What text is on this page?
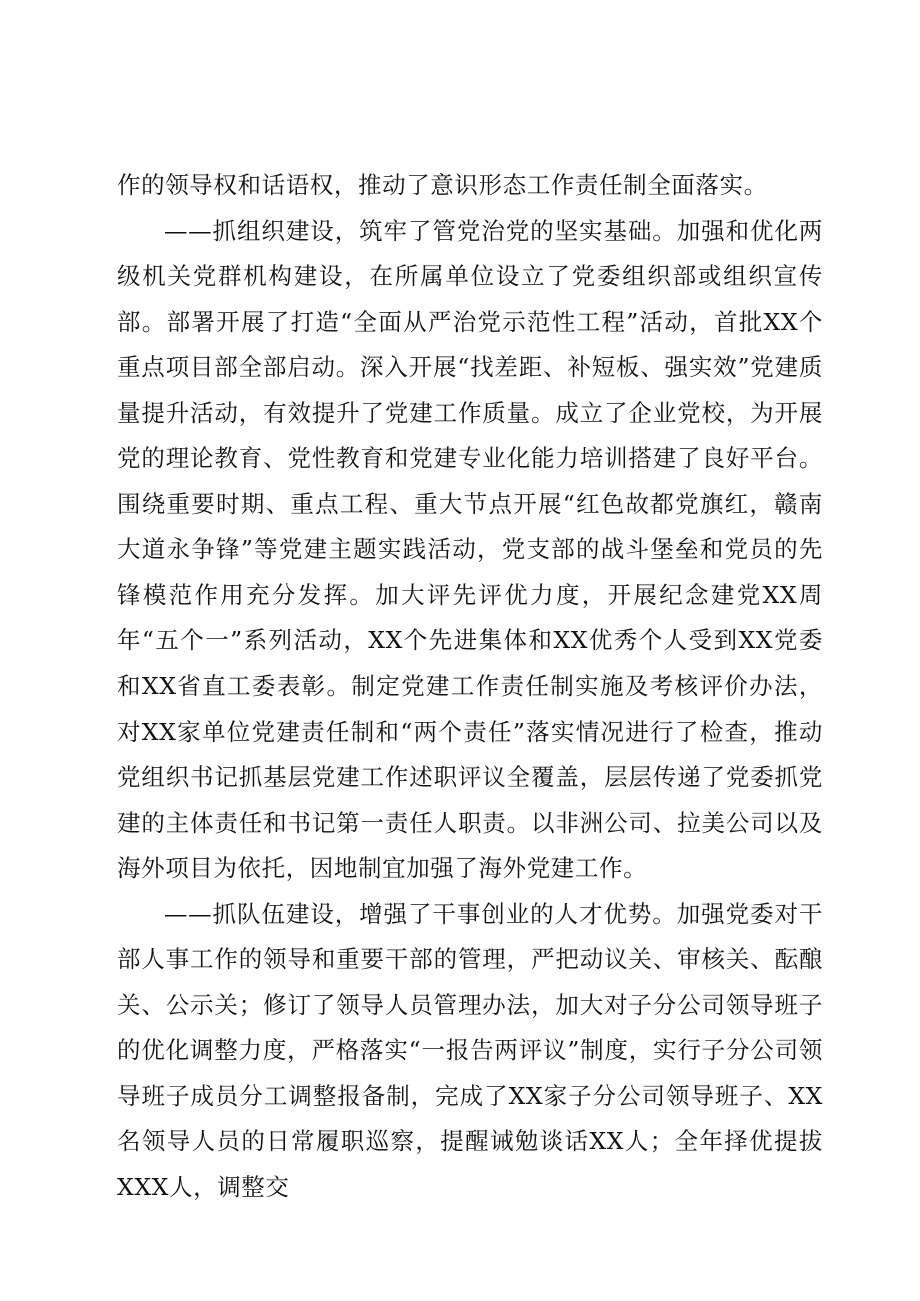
作的领导权和话语权，推动了意识形态工作责任制全面落实。

——抓组织建设，筑牢了管党治党的坚实基础。加强和优化两级机关党群机构建设，在所属单位设立了党委组织部或组织宣传部。部署开展了打造“全面从严治党示范性工程”活动，首批XX个重点项目部全部启动。深入开展“找差距、补短板、强实效”党建质量提升活动，有效提升了党建工作质量。成立了企业党校，为开展党的理论教育、党性教育和党建专业化能力培训搭建了良好平台。围绕重要时期、重点工程、重大节点开展“红色故都党旗红，赣南大道永争锋”等党建主题实践活动，党支部的战斗堡垒和党员的先锋模范作用充分发挥。加大评先评优力度，开展纪念建党XX周年“五个一”系列活动，XX个先进集体和XX优秀个人受到XX党委和XX省直工委表彰。制定党建工作责任制实施及考核评价办法，对XX家单位党建责任制和“两个责任”落实情况进行了检查，推动党组织书记抓基层党建工作述职评议全覆盖，层层传递了党委抓党建的主体责任和书记第一责任人职责。以非洲公司、拉美公司以及海外项目为依托，因地制宜加强了海外党建工作。

——抓队伍建设，增强了干事创业的人才优势。加强党委对干部人事工作的领导和重要干部的管理，严把动议关、审核关、酝酿关、公示关；修订了领导人员管理办法，加大对子分公司领导班子的优化调整力度，严格落实“一报告两评议”制度，实行子分公司领导班子成员分工调整报备制，完成了XX家子分公司领导班子、XX名领导人员的日常履职巡察，提醒诫勉谈话XX人；全年择优提拔XXX人，调整交
